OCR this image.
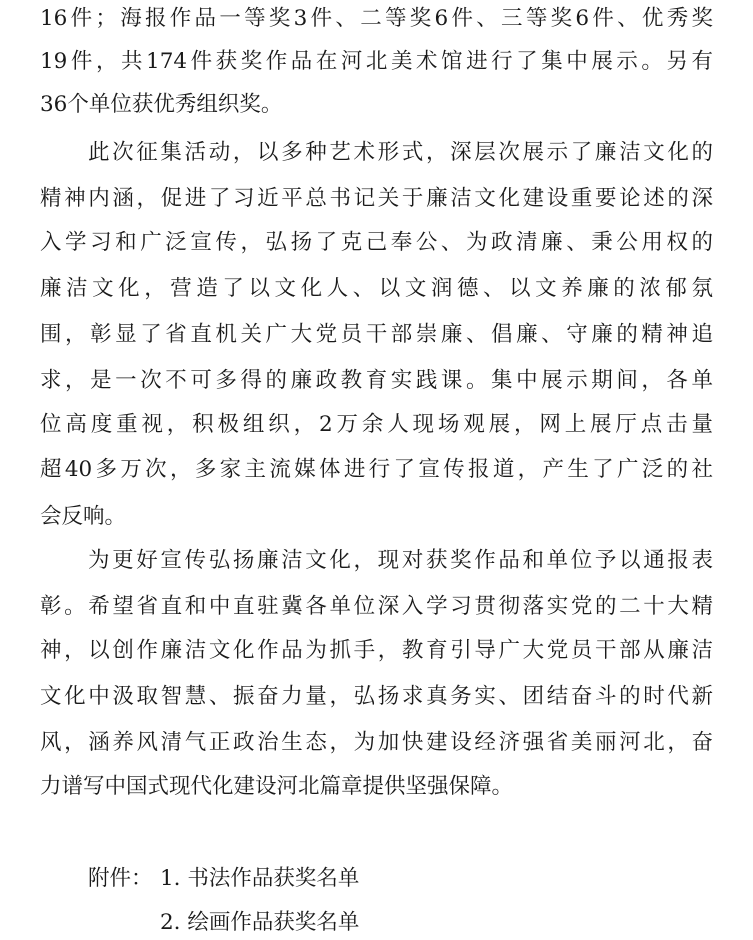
16件；海报作品一等奖3件、二等奖6件、三等奖6件、优秀奖
19件，共174件获奖作品在河北美术馆进行了集中展示。另有
36个单位获优秀组织奖。
此次征集活动，以多种艺术形式，深层次展示了廉洁文化的
精神内涵，促进了习近平总书记关于廉洁文化建设重要论述的深
入学习和广泛宣传，弘扬了克己奉公、为政清廉、秉公用权的
廉洁文化，营造了以文化人、以文润德、以文养廉的浓郁氛
围，彰显了省直机关广大党员干部崇廉、倡廉、守廉的精神追
求，是一次不可多得的廉政教育实践课。集中展示期间，各单
位高度重视，积极组织，2万余人现场观展，网上展厅点击量
超40多万次，多家主流媒体进行了宣传报道，产生了广泛的社
会反响。
为更好宣传弘扬廉洁文化，现对获奖作品和单位予以通报表
彰。希望省直和中直驻冀各单位深入学习贯彻落实党的二十大精
神，以创作廉洁文化作品为抓手，教育引导广大党员干部从廉洁
文化中汲取智慧、振奋力量，弘扬求真务实、团结奋斗的时代新
风，涵养风清气正政治生态，为加快建设经济强省美丽河北，奋
力谱写中国式现代化建设河北篇章提供坚强保障。
附件： 1. 书法作品获奖名单
2. 绘画作品获奖名单
